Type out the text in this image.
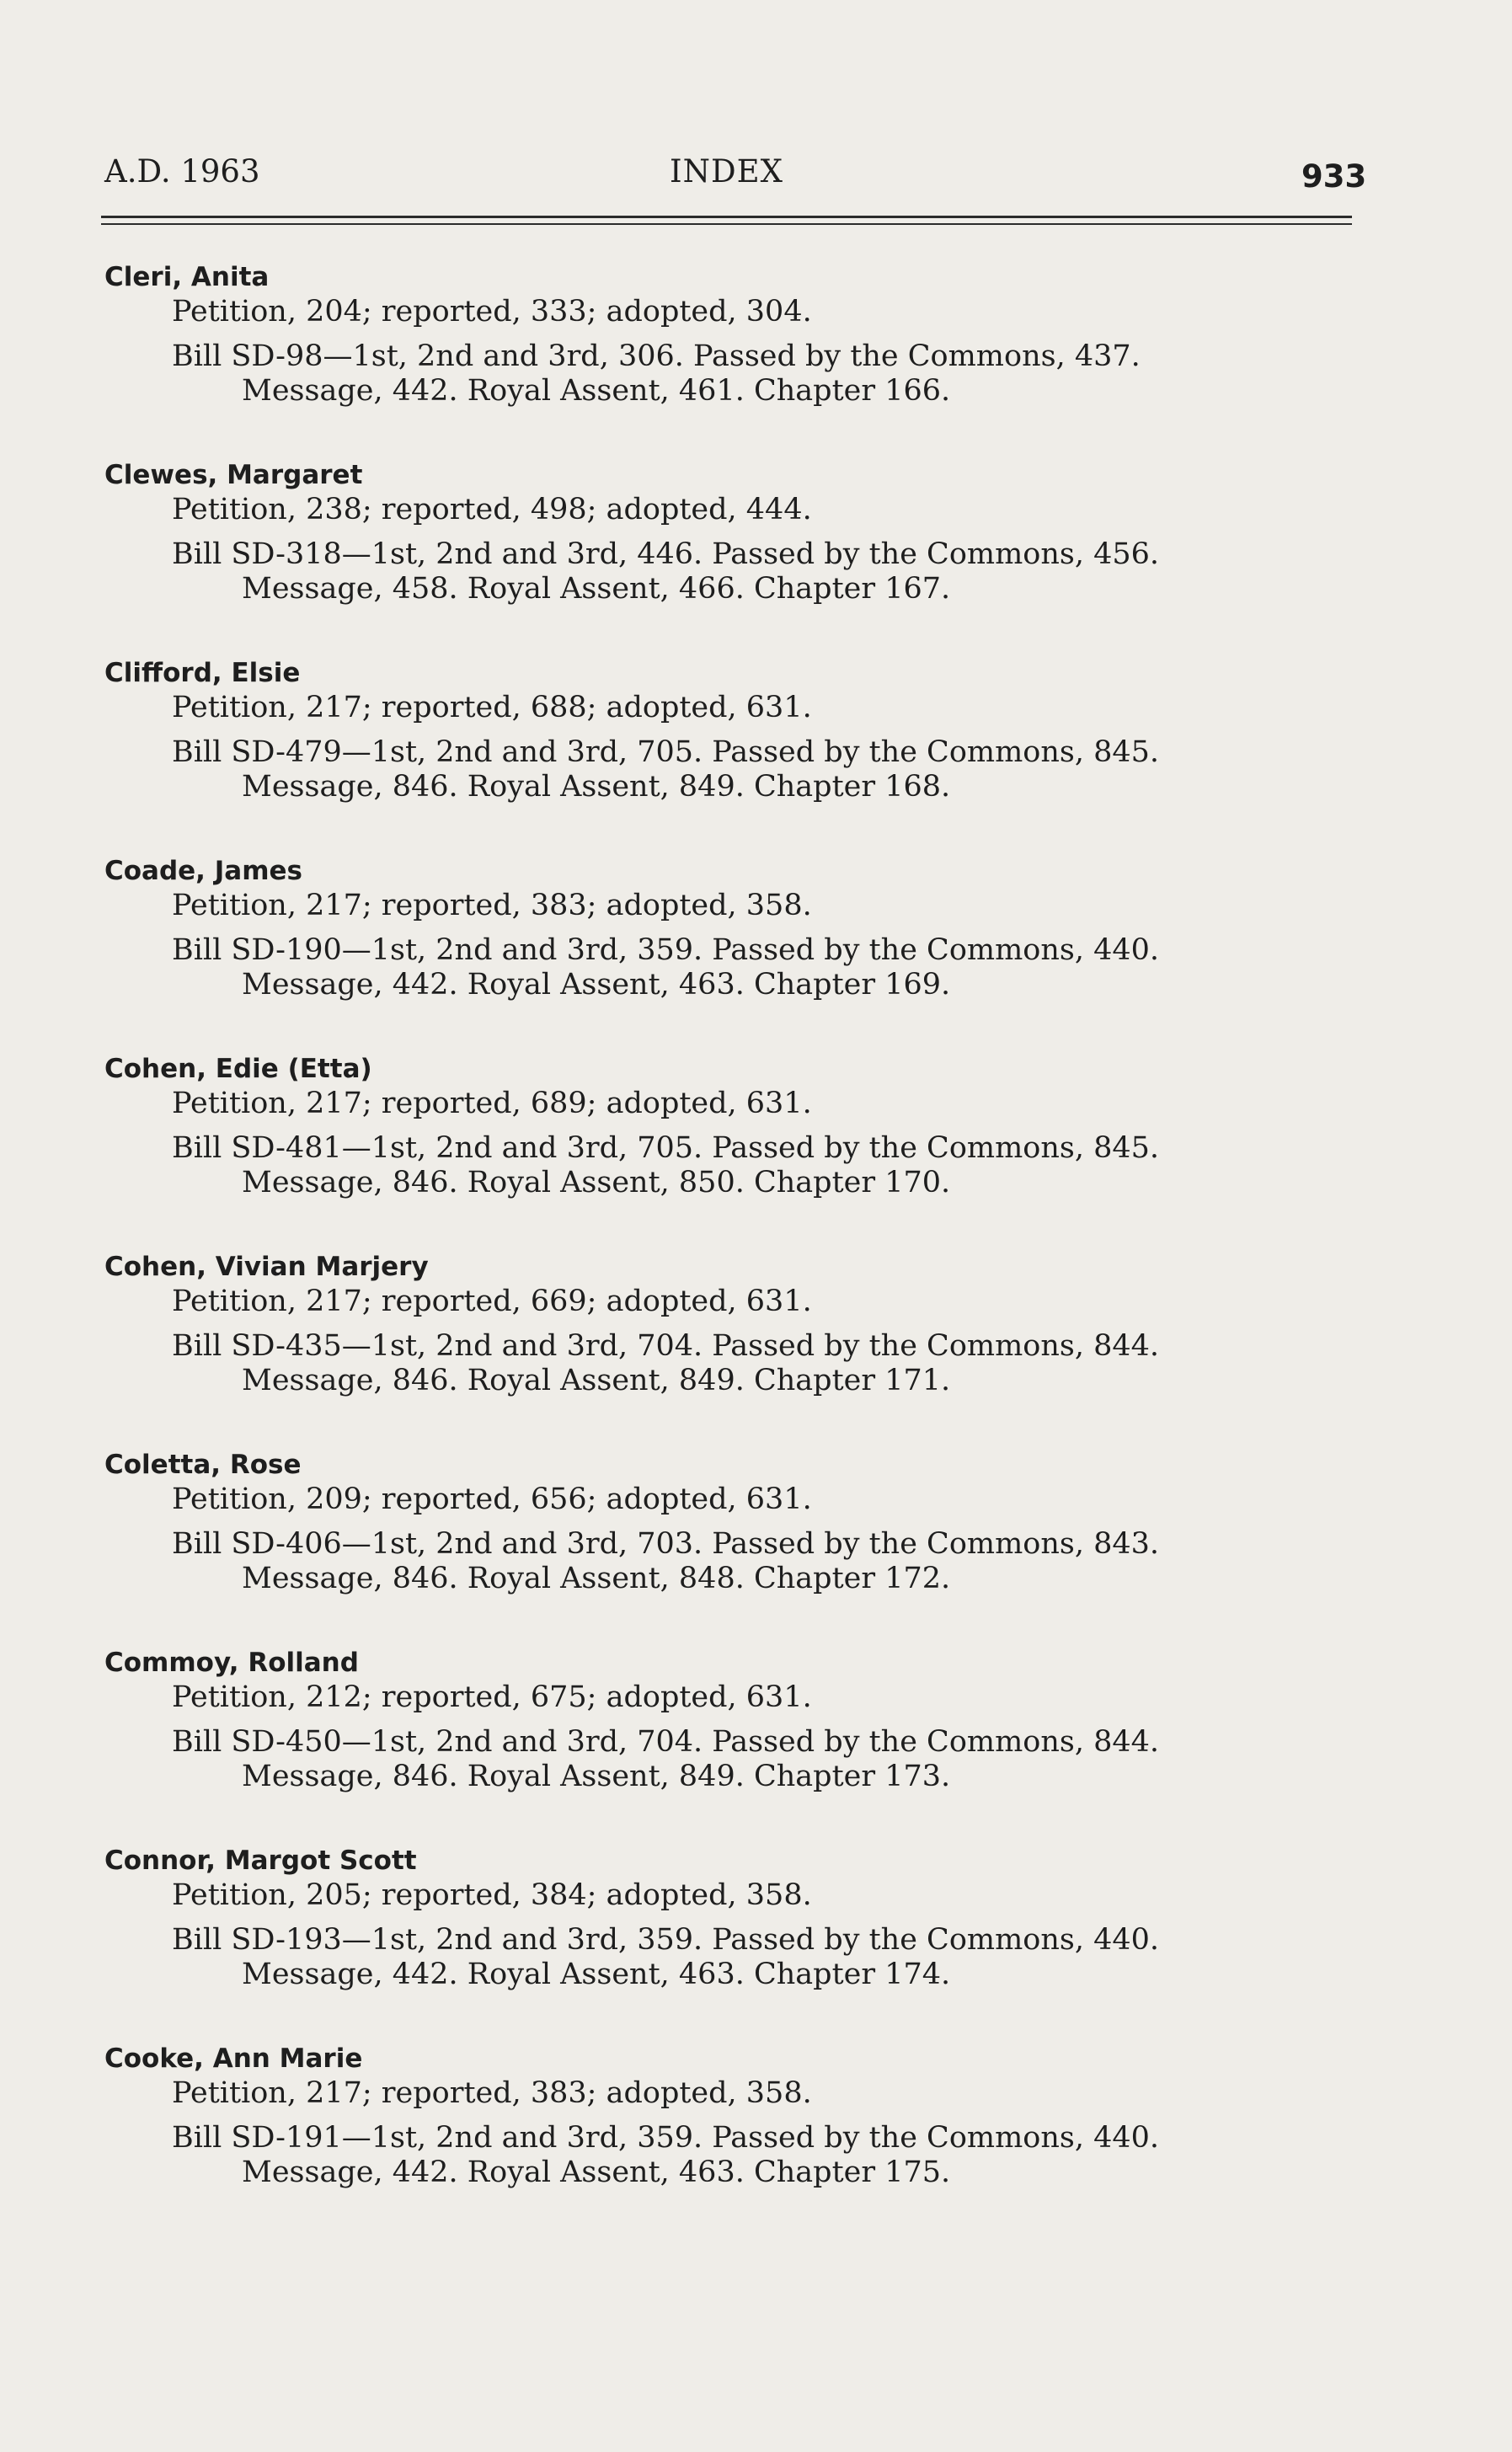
A.D. 1963	INDEX	933
Cleri, Anita
Petition, 204; reported, 333; adopted, 304.
Bill SD-98—1st, 2nd and 3rd, 306. Passed by the Commons, 437.
Message, 442. Royal Assent, 461. Chapter 166.
Clewes, Margaret
Petition, 238; reported, 498; adopted, 444.
Bill SD-318—1st, 2nd and 3rd, 446. Passed by the Commons, 456.
Message, 458. Royal Assent, 466. Chapter 167.
Clifford, Elsie
Petition, 217; reported, 688; adopted, 631.
Bill SD-479—1st, 2nd and 3rd, 705. Passed by the Commons, 845.
Message, 846. Royal Assent, 849. Chapter 168.
Coade, James
Petition, 217; reported, 383; adopted, 358.
Bill SD-190—1st, 2nd and 3rd, 359. Passed by the Commons, 440.
Message, 442. Royal Assent, 463. Chapter 169.
Cohen, Edie (Etta)
Petition, 217; reported, 689; adopted, 631.
Bill SD-481—1st, 2nd and 3rd, 705. Passed by the Commons, 845.
Message, 846. Royal Assent, 850. Chapter 170.
Cohen, Vivian Marjery
Petition, 217; reported, 669; adopted, 631.
Bill SD-435—1st, 2nd and 3rd, 704. Passed by the Commons, 844.
Message, 846. Royal Assent, 849. Chapter 171.
Coletta, Rose
Petition, 209; reported, 656; adopted, 631.
Bill SD-406—1st, 2nd and 3rd, 703. Passed by the Commons, 843.
Message, 846. Royal Assent, 848. Chapter 172.
Commoy, Rolland
Petition, 212; reported, 675; adopted, 631.
Bill SD-450—1st, 2nd and 3rd, 704. Passed by the Commons, 844.
Message, 846. Royal Assent, 849. Chapter 173.
Connor, Margot Scott
Petition, 205; reported, 384; adopted, 358.
Bill SD-193—1st, 2nd and 3rd, 359. Passed by the Commons, 440.
Message, 442. Royal Assent, 463. Chapter 174.
Cooke, Ann Marie
Petition, 217; reported, 383; adopted, 358.
Bill SD-191—1st, 2nd and 3rd, 359. Passed by the Commons, 440.
Message, 442. Royal Assent, 463. Chapter 175.
